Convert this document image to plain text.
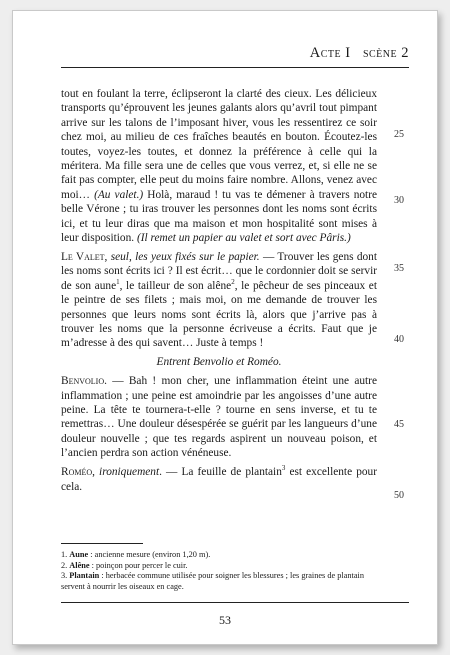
Acte I scène 2

tout en foulant la terre, éclipseront la clarté des cieux. Les délicieux transports qu’éprouvent les jeunes galants alors qu’avril tout pimpant arrive sur les talons de l’imposant hiver, vous les ressentirez ce soir chez moi, au milieu de ces fraîches beautés en bouton. Écoutez-les toutes, voyez-les toutes, et donnez la préférence à celle qui la méritera. Ma fille sera une de celles que vous verrez, et, si elle ne se fait pas compter, elle peut du moins faire nombre. Allons, venez avec moi… (Au valet.) Holà, maraud ! tu vas te démener à travers notre belle Vérone ; tu iras trouver les personnes dont les noms sont écrits ici, et tu leur diras que ma maison et mon hospitalité sont mises à leur disposition. (Il remet un papier au valet et sort avec Pâris.)

Le Valet, seul, les yeux fixés sur le papier. — Trouver les gens dont les noms sont écrits ici ? Il est écrit… que le cordonnier doit se servir de son aune$^1$, le tailleur de son alêne$^2$, le pêcheur de ses pinceaux et le peintre de ses filets ; mais moi, on me demande de trouver les personnes que leurs noms sont écrits là, alors que j’arrive pas à trouver les noms que la personne écriveuse a écrits. Faut que je m’adresse à des qui savent… Juste à temps !

Entrent Benvolio et Roméo.

Benvolio. — Bah ! mon cher, une inflammation éteint une autre inflammation ; une peine est amoindrie par les angoisses d’une autre peine. La tête te tournera-t-elle ? tourne en sens inverse, et tu te remettras… Une douleur désespérée se guérit par les langueurs d’une douleur nouvelle ; que tes regards aspirent un nouveau poison, et l’ancien perdra son action vénéneuse.

Roméo, ironiquement. — La feuille de plantain$^3$ est excellente pour cela.

25
30
35
40
45
50
1. Aune : ancienne mesure (environ 1,20 m).
2. Alêne : poinçon pour percer le cuir.
3. Plantain : herbacée commune utilisée pour soigner les blessures ; les graines de plantain servent à nourrir les oiseaux en cage.
53
